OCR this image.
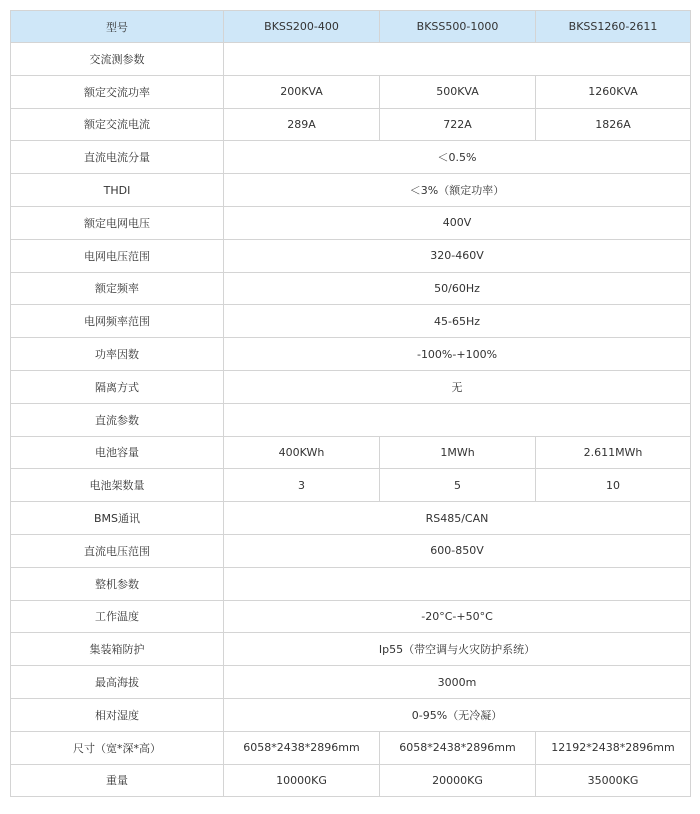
型号	BKSS200-400	BKSS500-1000	BKSS1260-2611
交流测参数			
额定交流功率	200KVA	500KVA	1260KVA
额定交流电流	289A	722A	1826A
直流电流分量	＜0.5%		
THDI	＜3%（额定功率）		
额定电网电压	400V		
电网电压范围	320-460V		
额定频率	50/60Hz		
电网频率范围	45-65Hz		
功率因数	-100%-+100%		
隔离方式	无		
直流参数			
电池容量	400KWh	1MWh	2.611MWh
电池架数量	3	5	10
BMS通讯	RS485/CAN		
直流电压范围	600-850V		
整机参数			
工作温度	-20°C-+50°C		
集装箱防护	Ip55（带空调与火灾防护系统）		
最高海拔	3000m		
相对湿度	0-95%（无冷凝）		
尺寸（宽*深*高）	6058*2438*2896mm	6058*2438*2896mm	12192*2438*2896mm
重量	10000KG	20000KG	35000KG
